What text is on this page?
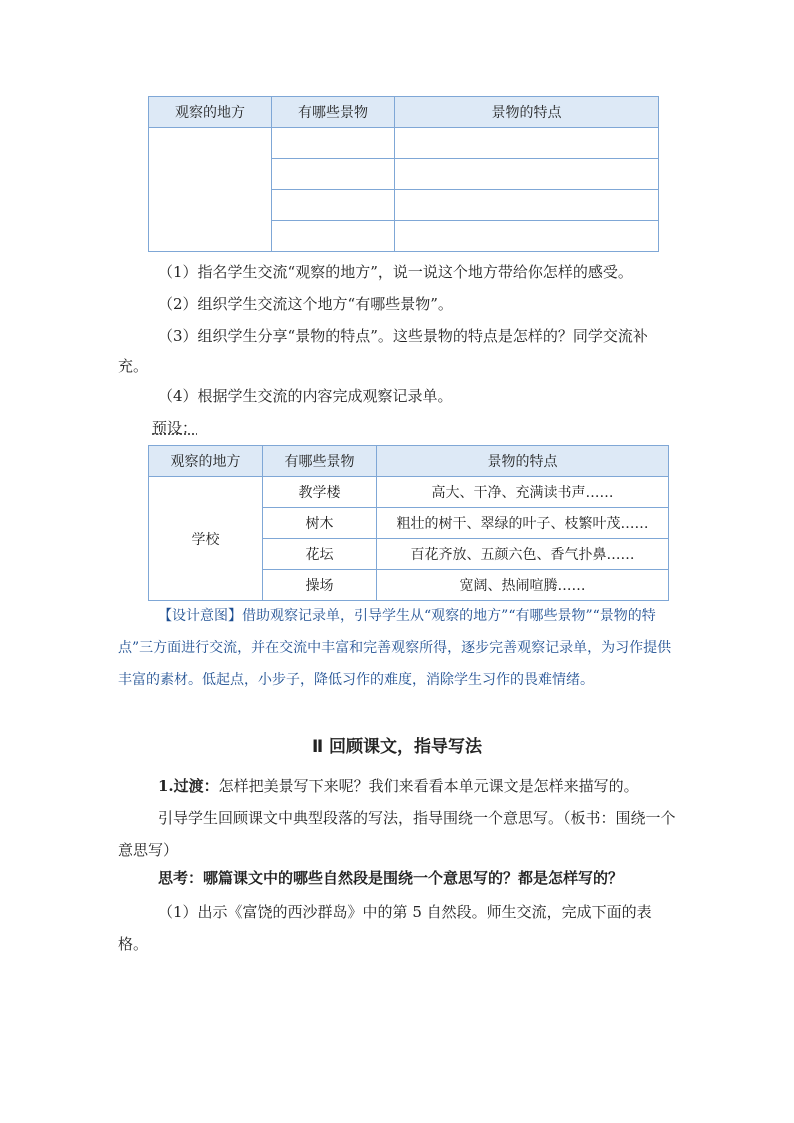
观察的地方	有哪些景物	景物的特点

（1）指名学生交流“观察的地方”，说一说这个地方带给你怎样的感受。
（2）组织学生交流这个地方“有哪些景物”。
（3）组织学生分享“景物的特点”。这些景物的特点是怎样的？同学交流补
充。
（4）根据学生交流的内容完成观察记录单。
预设：
观察的地方	有哪些景物	景物的特点
学校	教学楼	高大、干净、充满读书声……
	树木	粗壮的树干、翠绿的叶子、枝繁叶茂……
	花坛	百花齐放、五颜六色、香气扑鼻……
	操场	宽阔、热闹喧腾……
【设计意图】借助观察记录单，引导学生从“观察的地方”“有哪些景物”“景物的特点”三方面进行交流，并在交流中丰富和完善观察所得，逐步完善观察记录单，为习作提供丰富的素材。低起点，小步子，降低习作的难度，消除学生习作的畏难情绪。
Ⅱ 回顾课文，指导写法
1.过渡：怎样把美景写下来呢？我们来看看本单元课文是怎样来描写的。
引导学生回顾课文中典型段落的写法，指导围绕一个意思写。（板书：围绕一个意思写）
思考：哪篇课文中的哪些自然段是围绕一个意思写的？都是怎样写的？
（1）出示《富饶的西沙群岛》中的第 5 自然段。师生交流，完成下面的表格。
